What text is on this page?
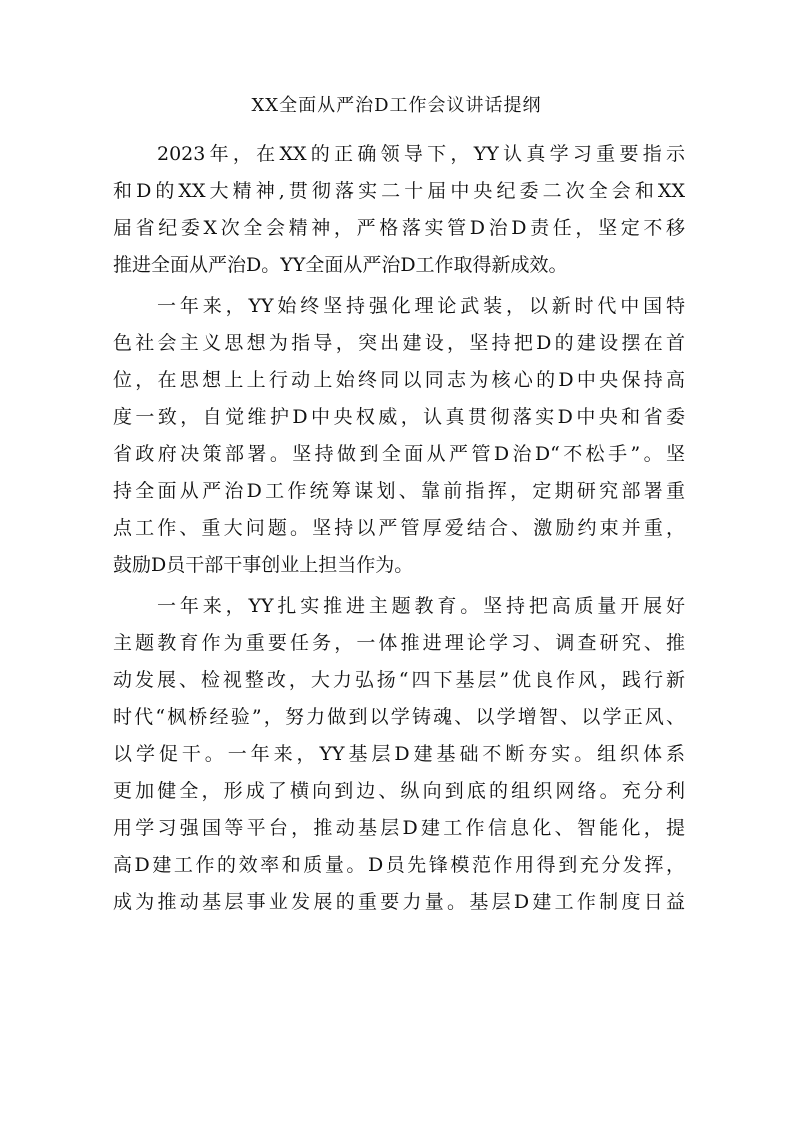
XX全面从严治D工作会议讲话提纲
2023年，在XX的正确领导下，YY认真学习重要指示
和D的XX大精神,贯彻落实二十届中央纪委二次全会和XX
届省纪委X次全会精神，严格落实管D治D责任，坚定不移
推进全面从严治D。YY全面从严治D工作取得新成效。
一年来，YY始终坚持强化理论武装，以新时代中国特
色社会主义思想为指导，突出建设，坚持把D的建设摆在首
位，在思想上上行动上始终同以同志为核心的D中央保持高
度一致，自觉维护D中央权威，认真贯彻落实D中央和省委
省政府决策部署。坚持做到全面从严管D治D“不松手”。坚
持全面从严治D工作统筹谋划、靠前指挥，定期研究部署重
点工作、重大问题。坚持以严管厚爱结合、激励约束并重，
鼓励D员干部干事创业上担当作为。
一年来，YY扎实推进主题教育。坚持把高质量开展好
主题教育作为重要任务，一体推进理论学习、调查研究、推
动发展、检视整改，大力弘扬“四下基层”优良作风，践行新
时代“枫桥经验”，努力做到以学铸魂、以学增智、以学正风、
以学促干。一年来，YY基层D建基础不断夯实。组织体系
更加健全，形成了横向到边、纵向到底的组织网络。充分利
用学习强国等平台，推动基层D建工作信息化、智能化，提
高D建工作的效率和质量。D员先锋模范作用得到充分发挥，
成为推动基层事业发展的重要力量。基层D建工作制度日益
